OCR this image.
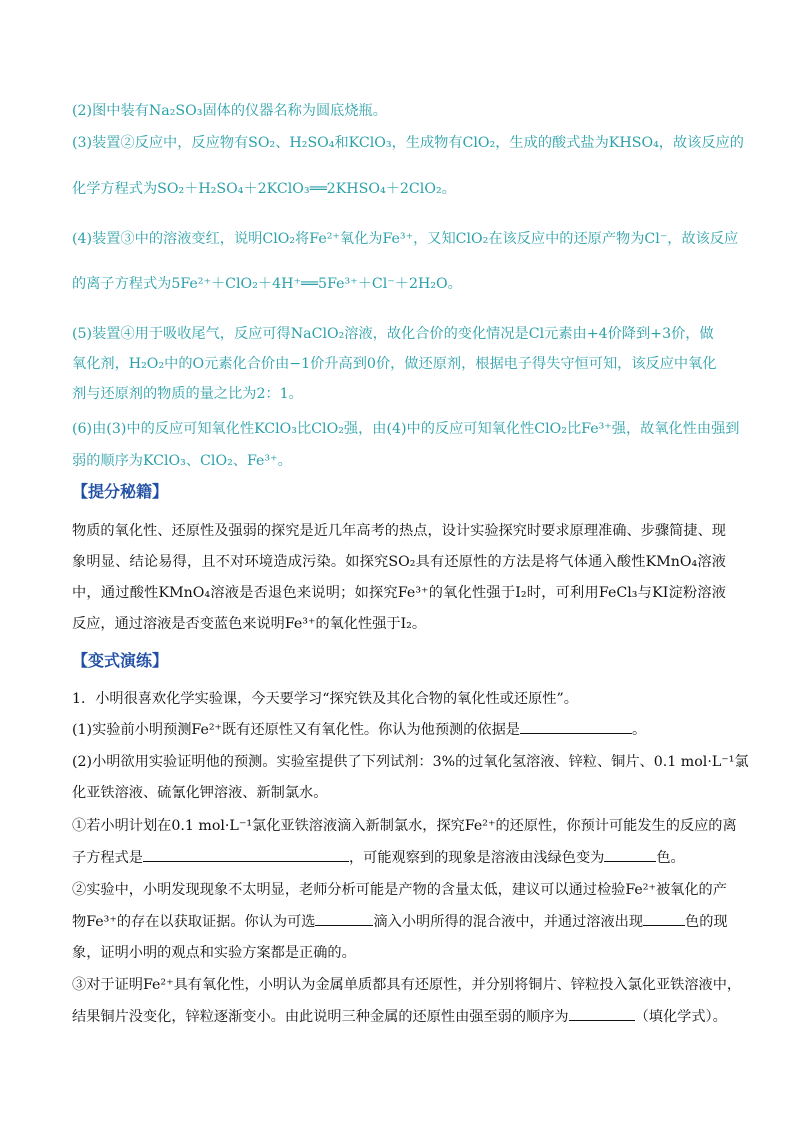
(2)图中装有Na₂SO₃固体的仪器名称为圆底烧瓶。
(3)装置②反应中，反应物有SO₂、H₂SO₄和KClO₃，生成物有ClO₂，生成的酸式盐为KHSO₄，故该反应的
化学方程式为SO₂＋H₂SO₄＋2KClO₃══2KHSO₄＋2ClO₂。
(4)装置③中的溶液变红，说明ClO₂将Fe²⁺氧化为Fe³⁺，又知ClO₂在该反应中的还原产物为Cl⁻，故该反应
的离子方程式为5Fe²⁺＋ClO₂＋4H⁺══5Fe³⁺＋Cl⁻＋2H₂O。
(5)装置④用于吸收尾气，反应可得NaClO₂溶液，故化合价的变化情况是Cl元素由+4价降到+3价，做氧化剂，H₂O₂中的O元素化合价由−1价升高到0价，做还原剂，根据电子得失守恒可知，该反应中氧化剂与还原剂的物质的量之比为2：1。
(6)由(3)中的反应可知氧化性KClO₃比ClO₂强，由(4)中的反应可知氧化性ClO₂比Fe³⁺强，故氧化性由强到
弱的顺序为KClO₃、ClO₂、Fe³⁺。
【提分秘籍】
物质的氧化性、还原性及强弱的探究是近几年高考的热点，设计实验探究时要求原理准确、步骤简捷、现象明显、结论易得，且不对环境造成污染。如探究SO₂具有还原性的方法是将气体通入酸性KMnO₄溶液中，通过酸性KMnO₄溶液是否退色来说明；如探究Fe³⁺的氧化性强于I₂时，可利用FeCl₃与KI淀粉溶液反应，通过溶液是否变蓝色来说明Fe³⁺的氧化性强于I₂。
【变式演练】
1．小明很喜欢化学实验课，今天要学习“探究铁及其化合物的氧化性或还原性”。
(1)实验前小明预测Fe²⁺既有还原性又有氧化性。你认为他预测的依据是	。
(2)小明欲用实验证明他的预测。实验室提供了下列试剂：3%的过氧化氢溶液、锌粒、铜片、0.1 mol·L⁻¹氯
化亚铁溶液、硫氰化钾溶液、新制氯水。
①若小明计划在0.1 mol·L⁻¹氯化亚铁溶液滴入新制氯水，探究Fe²⁺的还原性，你预计可能发生的反应的离
子方程式是	，可能观察到的现象是溶液由浅绿色变为	色。
②实验中，小明发现现象不太明显，老师分析可能是产物的含量太低，建议可以通过检验Fe²⁺被氧化的产
物Fe³⁺的存在以获取证据。你认为可选	滴入小明所得的混合液中，并通过溶液出现	色的现
象，证明小明的观点和实验方案都是正确的。
③对于证明Fe²⁺具有氧化性，小明认为金属单质都具有还原性，并分别将铜片、锌粒投入氯化亚铁溶液中，
结果铜片没变化，锌粒逐渐变小。由此说明三种金属的还原性由强至弱的顺序为	（填化学式）。
